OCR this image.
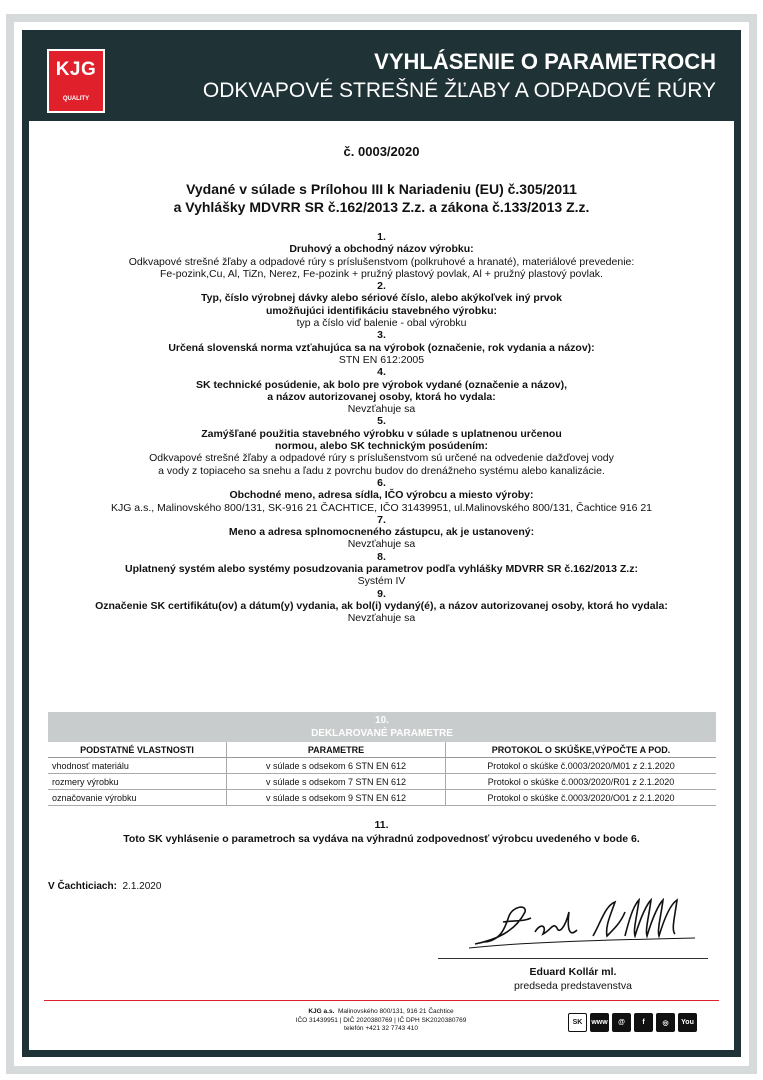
KJG
QUALITY
VYHLÁSENIE O PARAMETROCH
ODKVAPOVÉ STREŠNÉ ŽĽABY A ODPADOVÉ RÚRY
č. 0003/2020
Vydané v súlade s Prílohou III k Nariadeniu (EU) č.305/2011
a Vyhlášky MDVRR SR č.162/2013 Z.z. a zákona č.133/2013 Z.z.
1.
Druhový a obchodný názov výrobku:
Odkvapové strešné žľaby a odpadové rúry s príslušenstvom (polkruhové a hranaté), materiálové prevedenie:
Fe-pozink,Cu, Al, TiZn, Nerez, Fe-pozink + pružný plastový povlak, Al + pružný plastový povlak.
2.
Typ, číslo výrobnej dávky alebo sériové číslo, alebo akýkoľvek iný prvok
umožňujúci identifikáciu stavebného výrobku:
typ a číslo viď balenie - obal výrobku
3.
Určená slovenská norma vzťahujúca sa na výrobok (označenie, rok vydania a názov):
STN EN 612:2005
4.
SK technické posúdenie, ak bolo pre výrobok vydané (označenie a názov),
a názov autorizovanej osoby, ktorá ho vydala:
Nevzťahuje sa
5.
Zamýšľané použitia stavebného výrobku v súlade s uplatnenou určenou
normou, alebo SK technickým posúdením:
Odkvapové strešné žľaby a odpadové rúry s príslušenstvom sú určené na odvedenie dažďovej vody
a vody z topiaceho sa snehu a ľadu z povrchu budov do drenážneho systému alebo kanalizácie.
6.
Obchodné meno, adresa sídla, IČO výrobcu a miesto výroby:
KJG a.s., Malinovského 800/131, SK-916 21 ČACHTICE, IČO 31439951, ul.Malinovského 800/131, Čachtice 916 21
7.
Meno a adresa splnomocneného zástupcu, ak je ustanovený:
Nevzťahuje sa
8.
Uplatnený systém alebo systémy posudzovania parametrov podľa vyhlášky MDVRR SR č.162/2013 Z.z:
Systém IV
9.
Označenie SK certifikátu(ov) a dátum(y) vydania, ak bol(i) vydaný(é), a názov autorizovanej osoby, ktorá ho vydala:
Nevzťahuje sa
10.
DEKLAROVANÉ PARAMETRE
PODSTATNÉ VLASTNOSTI	PARAMETRE	PROTOKOL O SKÚŠKE,VÝPOČTE A POD.
vhodnosť materiálu	v súlade s odsekom 6 STN EN 612	Protokol o skúške č.0003/2020/M01 z 2.1.2020
rozmery výrobku	v súlade s odsekom 7 STN EN 612	Protokol o skúške č.0003/2020/R01 z 2.1.2020
označovanie výrobku	v súlade s odsekom 9 STN EN 612	Protokol o skúške č.0003/2020/O01 z 2.1.2020
11.
Toto SK vyhlásenie o parametroch sa vydáva na výhradnú zodpovednosť výrobcu uvedeného v bode 6.
V Čachticiach: 2.1.2020
Eduard Kollár ml.
predseda predstavenstva
KJG a.s. Malinovského 800/131, 916 21 Čachtice
IČO 31439951 | DIČ 2020380769 | IČ DPH SK2020380769
telefón +421 32 7743 410
SK	www	@	f	◎	You
